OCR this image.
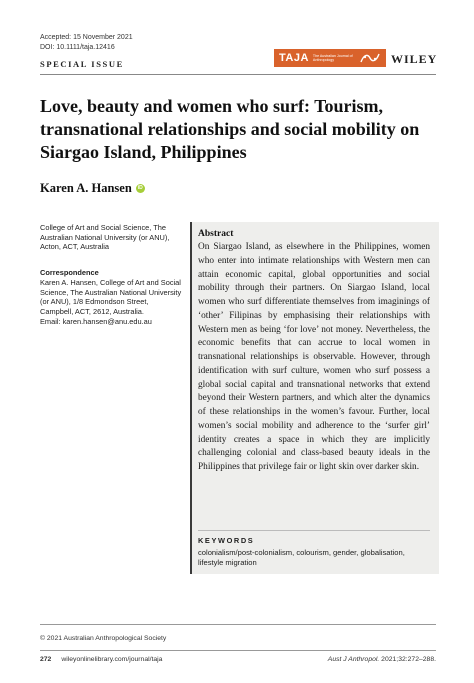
Accepted: 15 November 2021
DOI: 10.1111/taja.12416
SPECIAL ISSUE	TAJA The Australian Journal of Anthropology	WILEY
Love, beauty and women who surf: Tourism, transnational relationships and social mobility on Siargao Island, Philippines
Karen A. Hansen	iD
College of Art and Social Science, The Australian National University (or ANU), Acton, ACT, Australia
Correspondence
Karen A. Hansen, College of Art and Social Science, The Australian National University (or ANU), 1/8 Edmondson Street, Campbell, ACT, 2612, Australia.
Email: karen.hansen@anu.edu.au
Abstract
On Siargao Island, as elsewhere in the Philippines, women who enter into intimate relationships with Western men can attain economic capital, global opportunities and social mobility through their partners. On Siargao Island, local women who surf differentiate themselves from imaginings of ‘other’ Filipinas by emphasising their relationships with Western men as being ‘for love’ not money. Nevertheless, the economic benefits that can accrue to local women in transnational relationships is observable. However, through identification with surf culture, women who surf possess a global social capital and transnational networks that extend beyond their Western partners, and which alter the dynamics of these relationships in the women’s favour. Further, local women’s social mobility and adherence to the ‘surfer girl’ identity creates a space in which they are implicitly challenging colonial and class-based beauty ideals in the Philippines that privilege fair or light skin over darker skin.
KEYWORDS
colonialism/post-colonialism, colourism, gender, globalisation, lifestyle migration
© 2021 Australian Anthropological Society
272 wileyonlinelibrary.com/journal/taja	Aust J Anthropol. 2021;32:272–288.
